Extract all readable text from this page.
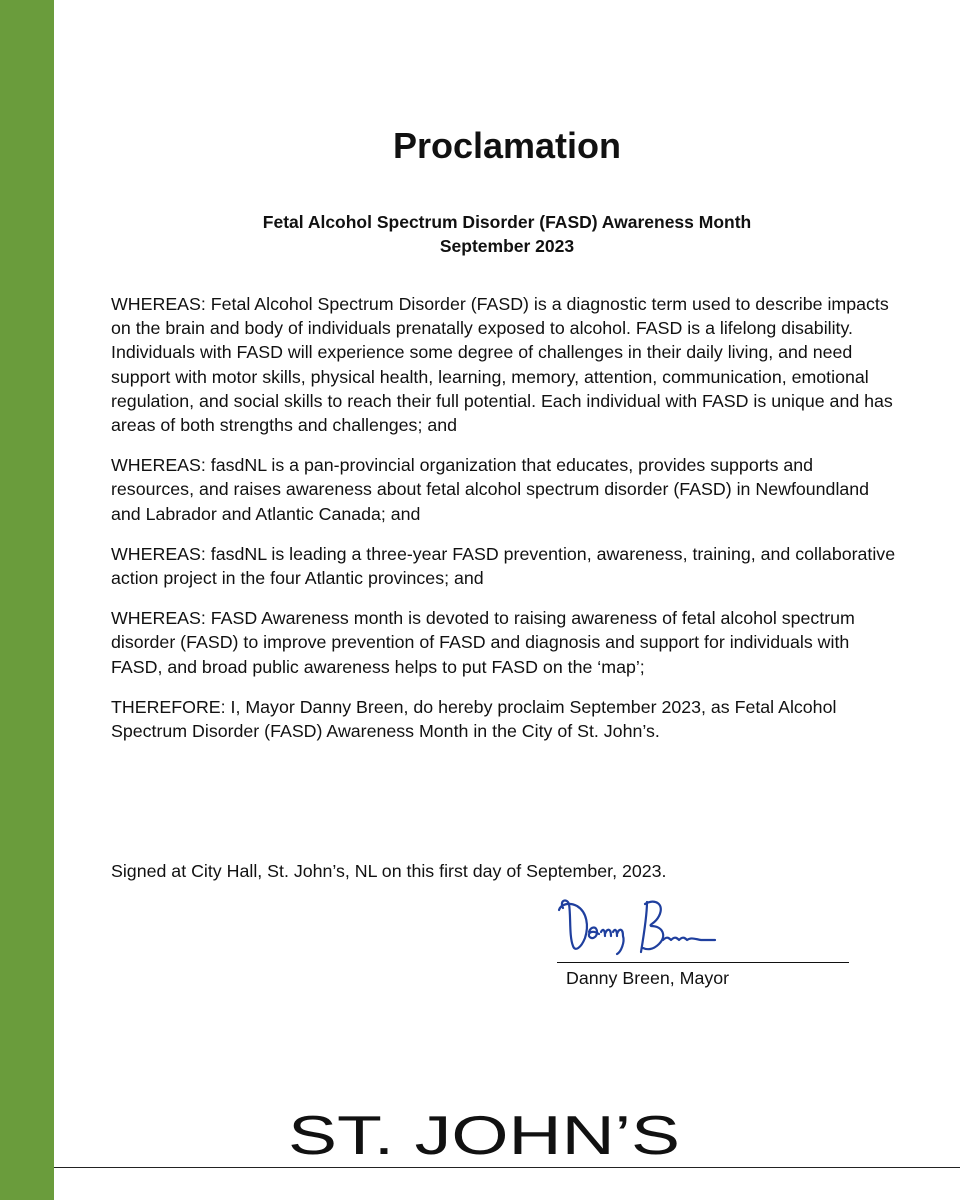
Proclamation
Fetal Alcohol Spectrum Disorder (FASD) Awareness Month
September 2023

WHEREAS: Fetal Alcohol Spectrum Disorder (FASD) is a diagnostic term used to describe impacts on the brain and body of individuals prenatally exposed to alcohol. FASD is a lifelong disability. Individuals with FASD will experience some degree of challenges in their daily living, and need support with motor skills, physical health, learning, memory, attention, communication, emotional regulation, and social skills to reach their full potential. Each individual with FASD is unique and has areas of both strengths and challenges; and

WHEREAS: fasdNL is a pan-provincial organization that educates, provides supports and resources, and raises awareness about fetal alcohol spectrum disorder (FASD) in Newfoundland and Labrador and Atlantic Canada; and

WHEREAS: fasdNL is leading a three-year FASD prevention, awareness, training, and collaborative action project in the four Atlantic provinces; and

WHEREAS: FASD Awareness month is devoted to raising awareness of fetal alcohol spectrum disorder (FASD) to improve prevention of FASD and diagnosis and support for individuals with FASD, and broad public awareness helps to put FASD on the ‘map’;

THEREFORE: I, Mayor Danny Breen, do hereby proclaim September 2023, as Fetal Alcohol Spectrum Disorder (FASD) Awareness Month in the City of St. John’s.

Signed at City Hall, St. John’s, NL on this first day of September, 2023.

Danny Breen, Mayor
ST. JOHN’S
